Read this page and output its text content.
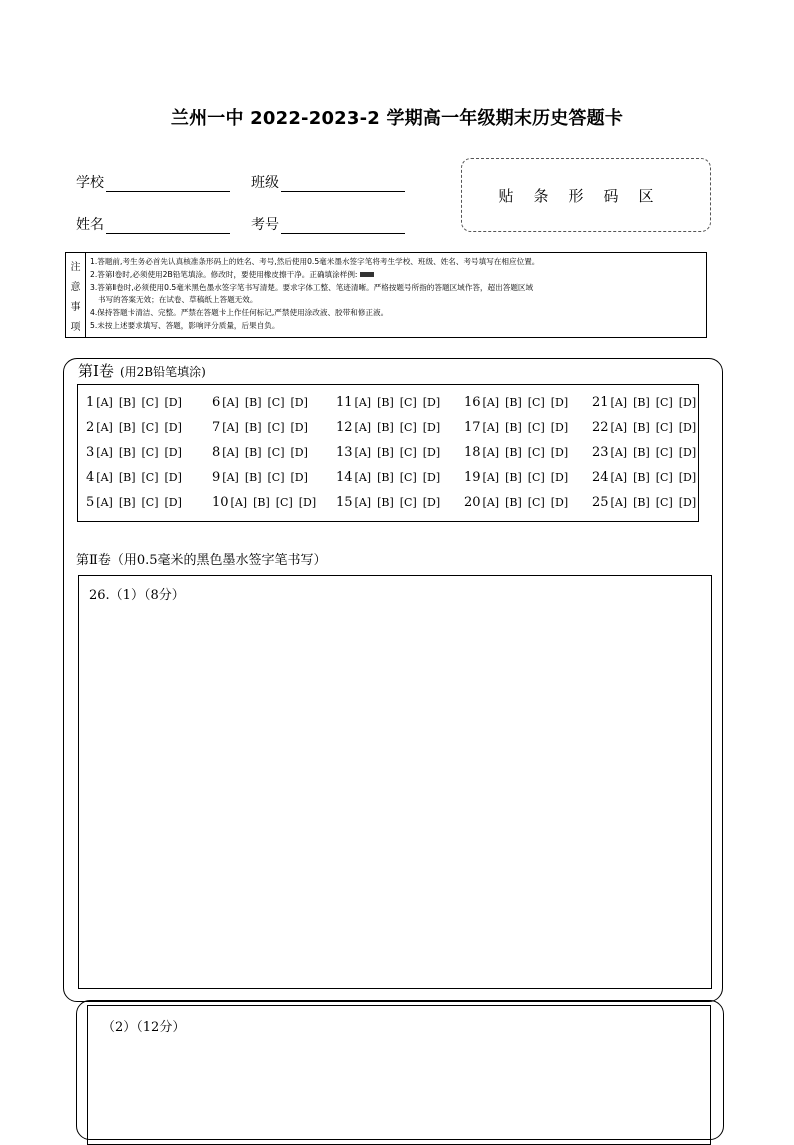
兰州一中 2022-2023-2 学期高一年级期末历史答题卡
学校	班级
姓名	考号
贴条形码区
注
意
事
项
1.答题前,考生务必首先认真核准条形码上的姓名、考号,然后使用0.5毫米墨水签字笔将考生学校、班级、姓名、考号填写在相应位置。
2.答第Ⅰ卷时,必须使用2B铅笔填涂。修改时，要使用橡皮擦干净。正确填涂样例:
3.答第Ⅱ卷时,必须使用0.5毫米黑色墨水签字笔书写清楚。要求字体工整、笔迹清晰。严格按题号所指的答题区域作答，超出答题区域
书写的答案无效；在试卷、草稿纸上答题无效。
4.保持答题卡清洁、完整。严禁在答题卡上作任何标记,严禁使用涂改液、胶带和修正液。
5.未按上述要求填写、答题，影响评分质量，后果自负。
第Ⅰ卷 (用2B铅笔填涂)
1 [A] [B] [C] [D]
2 [A] [B] [C] [D]
3 [A] [B] [C] [D]
4 [A] [B] [C] [D]
5 [A] [B] [C] [D]
6 [A] [B] [C] [D]
7 [A] [B] [C] [D]
8 [A] [B] [C] [D]
9 [A] [B] [C] [D]
10 [A] [B] [C] [D]
11 [A] [B] [C] [D]
12 [A] [B] [C] [D]
13 [A] [B] [C] [D]
14 [A] [B] [C] [D]
15 [A] [B] [C] [D]
16 [A] [B] [C] [D]
17 [A] [B] [C] [D]
18 [A] [B] [C] [D]
19 [A] [B] [C] [D]
20 [A] [B] [C] [D]
21 [A] [B] [C] [D]
22 [A] [B] [C] [D]
23 [A] [B] [C] [D]
24 [A] [B] [C] [D]
25 [A] [B] [C] [D]
第Ⅱ卷（用0.5毫米的黑色墨水签字笔书写）
26.（1）（8分）
（2）（12分）
